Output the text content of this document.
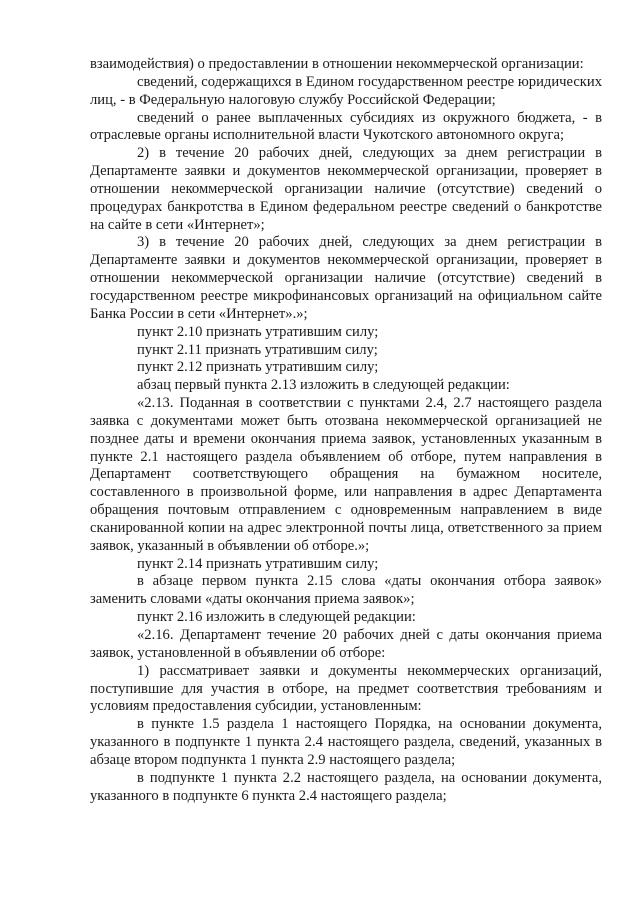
взаимодействия) о предоставлении в отношении некоммерческой организации:

сведений, содержащихся в Едином государственном реестре юридических лиц, - в Федеральную налоговую службу Российской Федерации;

сведений о ранее выплаченных субсидиях из окружного бюджета, - в отраслевые органы исполнительной власти Чукотского автономного округа;

2) в течение 20 рабочих дней, следующих за днем регистрации в Департаменте заявки и документов некоммерческой организации, проверяет в отношении некоммерческой организации наличие (отсутствие) сведений о процедурах банкротства в Едином федеральном реестре сведений о банкротстве на сайте в сети «Интернет»;

3) в течение 20 рабочих дней, следующих за днем регистрации в Департаменте заявки и документов некоммерческой организации, проверяет в отношении некоммерческой организации наличие (отсутствие) сведений в государственном реестре микрофинансовых организаций на официальном сайте Банка России в сети «Интернет».»;

пункт 2.10 признать утратившим силу;

пункт 2.11 признать утратившим силу;

пункт 2.12 признать утратившим силу;

абзац первый пункта 2.13 изложить в следующей редакции:

«2.13. Поданная в соответствии с пунктами 2.4, 2.7 настоящего раздела заявка с документами может быть отозвана некоммерческой организацией не позднее даты и времени окончания приема заявок, установленных указанным в пункте 2.1 настоящего раздела объявлением об отборе, путем направления в Департамент соответствующего обращения на бумажном носителе, составленного в произвольной форме, или направления в адрес Департамента обращения почтовым отправлением с одновременным направлением в виде сканированной копии на адрес электронной почты лица, ответственного за прием заявок, указанный в объявлении об отборе.»;

пункт 2.14 признать утратившим силу;

в абзаце первом пункта 2.15 слова «даты окончания отбора заявок» заменить словами «даты окончания приема заявок»;

пункт 2.16 изложить в следующей редакции:

«2.16. Департамент течение 20 рабочих дней с даты окончания приема заявок, установленной в объявлении об отборе:

1) рассматривает заявки и документы некоммерческих организаций, поступившие для участия в отборе, на предмет соответствия требованиям и условиям предоставления субсидии, установленным:

в пункте 1.5 раздела 1 настоящего Порядка, на основании документа, указанного в подпункте 1 пункта 2.4 настоящего раздела, сведений, указанных в абзаце втором подпункта 1 пункта 2.9 настоящего раздела;

в подпункте 1 пункта 2.2 настоящего раздела, на основании документа, указанного в подпункте 6 пункта 2.4 настоящего раздела;
